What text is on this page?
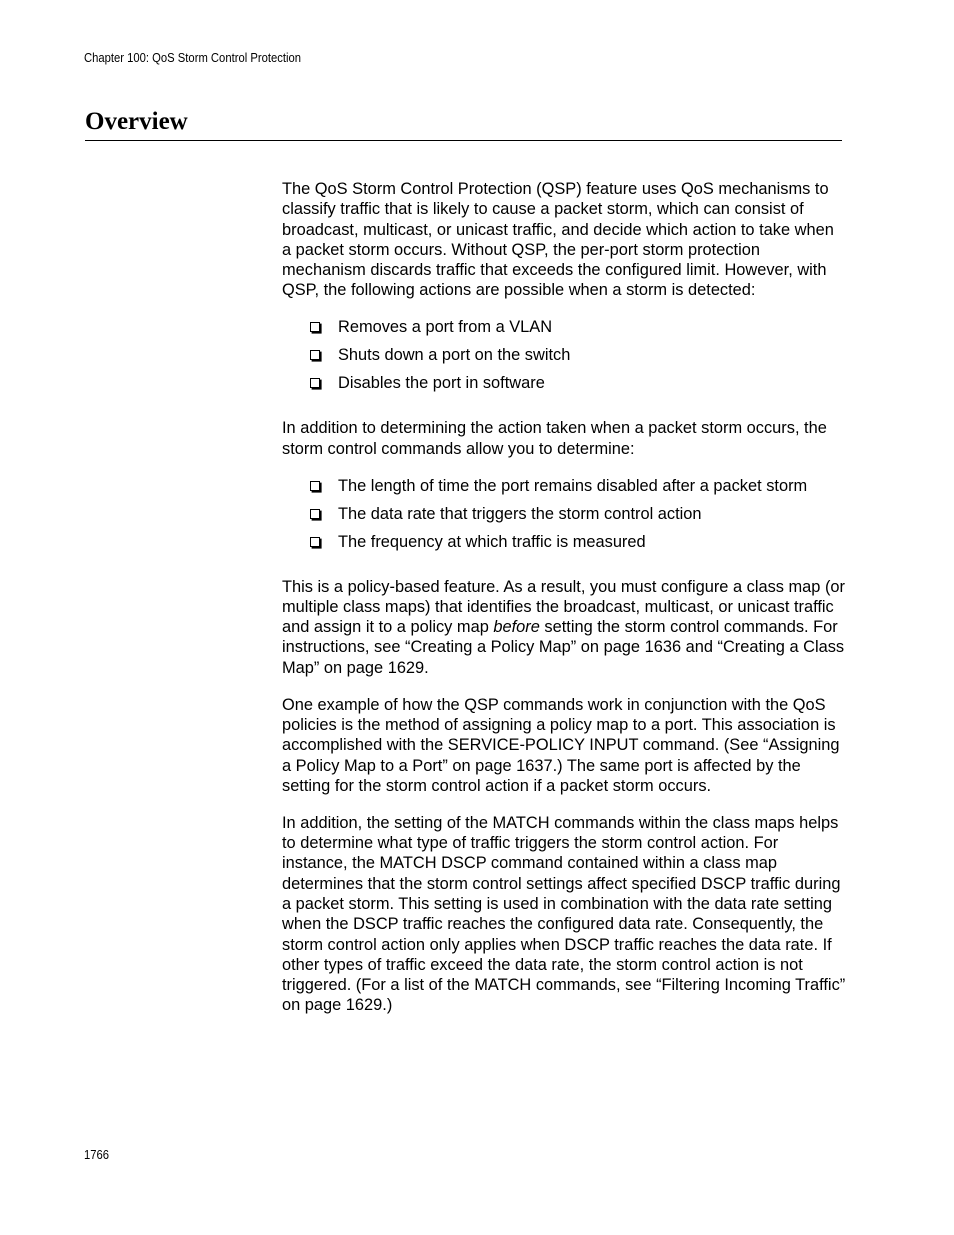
Chapter 100: QoS Storm Control Protection
Overview

The QoS Storm Control Protection (QSP) feature uses QoS mechanisms to classify traffic that is likely to cause a packet storm, which can consist of broadcast, multicast, or unicast traffic, and decide which action to take when a packet storm occurs. Without QSP, the per-port storm protection mechanism discards traffic that exceeds the configured limit. However, with QSP, the following actions are possible when a storm is detected:

Removes a port from a VLAN
Shuts down a port on the switch
Disables the port in software

In addition to determining the action taken when a packet storm occurs, the storm control commands allow you to determine:

The length of time the port remains disabled after a packet storm
The data rate that triggers the storm control action
The frequency at which traffic is measured

This is a policy-based feature. As a result, you must configure a class map (or multiple class maps) that identifies the broadcast, multicast, or unicast traffic and assign it to a policy map before setting the storm control commands. For instructions, see “Creating a Policy Map” on page 1636 and “Creating a Class Map” on page 1629.

One example of how the QSP commands work in conjunction with the QoS policies is the method of assigning a policy map to a port. This association is accomplished with the SERVICE-POLICY INPUT command. (See “Assigning a Policy Map to a Port” on page 1637.) The same port is affected by the setting for the storm control action if a packet storm occurs.

In addition, the setting of the MATCH commands within the class maps helps to determine what type of traffic triggers the storm control action. For instance, the MATCH DSCP command contained within a class map determines that the storm control settings affect specified DSCP traffic during a packet storm. This setting is used in combination with the data rate setting when the DSCP traffic reaches the configured data rate. Consequently, the storm control action only applies when DSCP traffic reaches the data rate. If other types of traffic exceed the data rate, the storm control action is not triggered. (For a list of the MATCH commands, see “Filtering Incoming Traffic” on page 1629.)

1766
